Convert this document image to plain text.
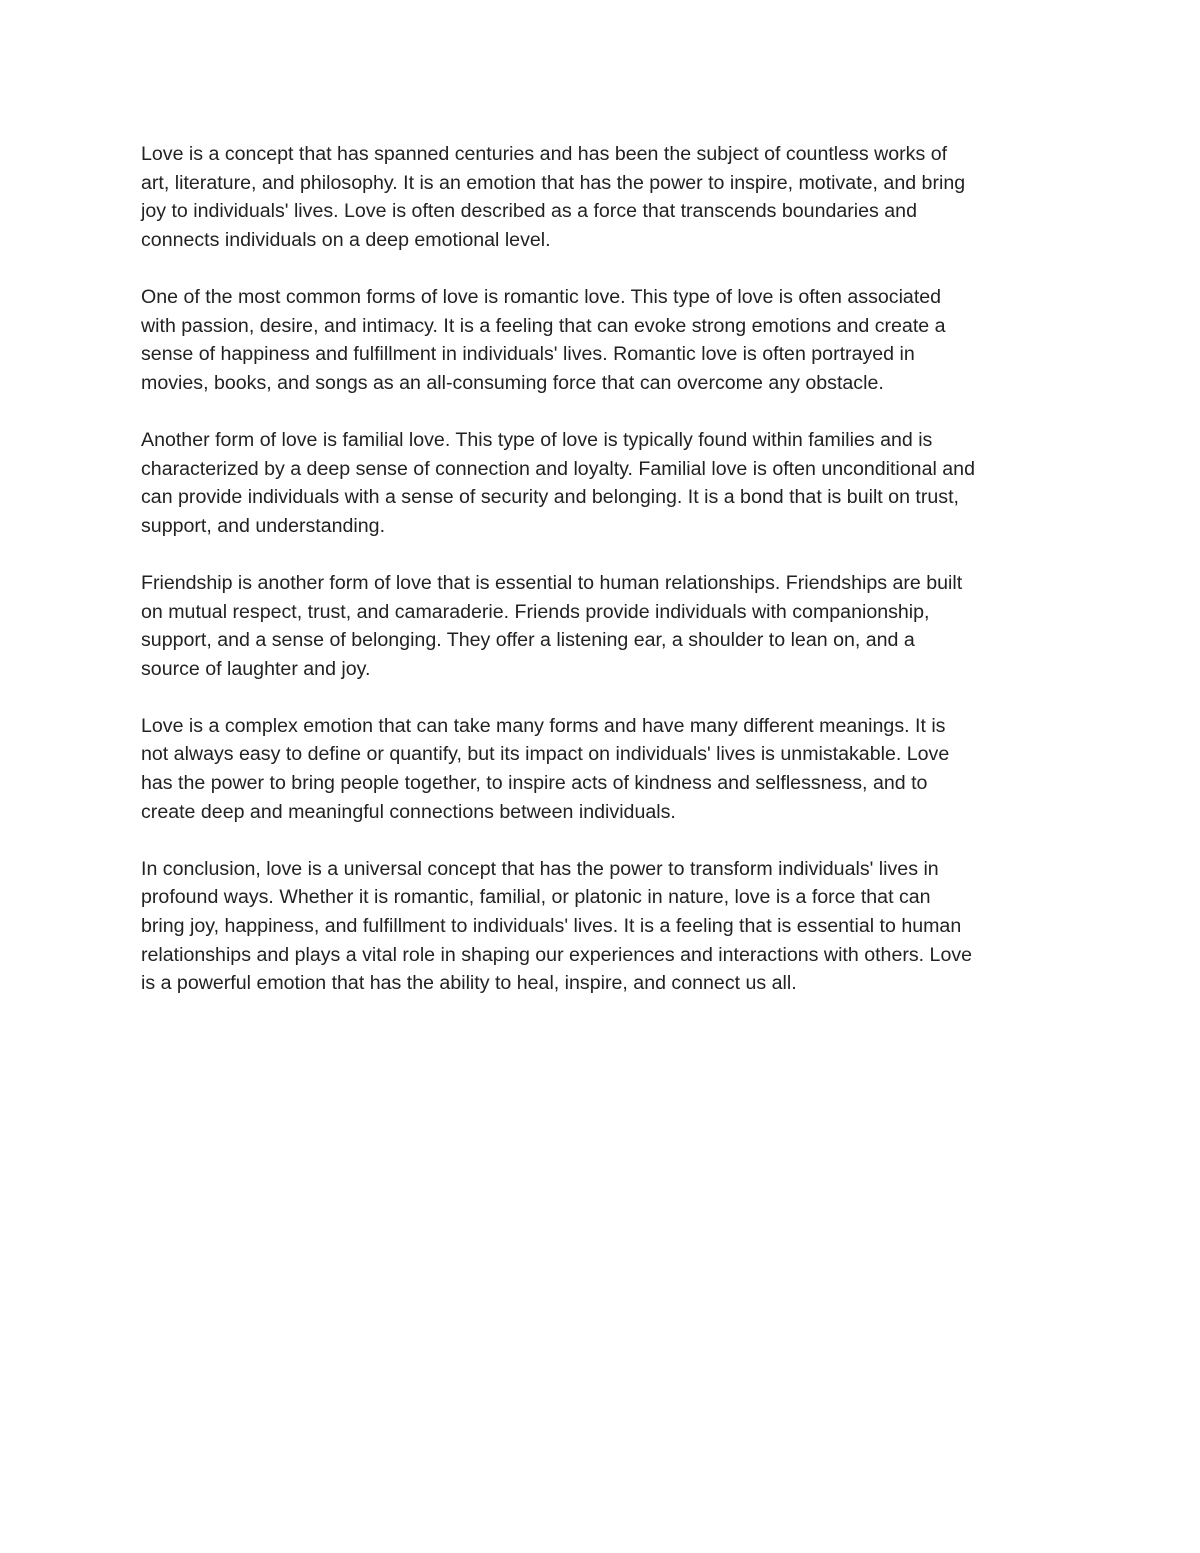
Love is a concept that has spanned centuries and has been the subject of countless works of
art, literature, and philosophy. It is an emotion that has the power to inspire, motivate, and bring
joy to individuals' lives. Love is often described as a force that transcends boundaries and
connects individuals on a deep emotional level.

One of the most common forms of love is romantic love. This type of love is often associated
with passion, desire, and intimacy. It is a feeling that can evoke strong emotions and create a
sense of happiness and fulfillment in individuals' lives. Romantic love is often portrayed in
movies, books, and songs as an all-consuming force that can overcome any obstacle.

Another form of love is familial love. This type of love is typically found within families and is
characterized by a deep sense of connection and loyalty. Familial love is often unconditional and
can provide individuals with a sense of security and belonging. It is a bond that is built on trust,
support, and understanding.

Friendship is another form of love that is essential to human relationships. Friendships are built
on mutual respect, trust, and camaraderie. Friends provide individuals with companionship,
support, and a sense of belonging. They offer a listening ear, a shoulder to lean on, and a
source of laughter and joy.

Love is a complex emotion that can take many forms and have many different meanings. It is
not always easy to define or quantify, but its impact on individuals' lives is unmistakable. Love
has the power to bring people together, to inspire acts of kindness and selflessness, and to
create deep and meaningful connections between individuals.

In conclusion, love is a universal concept that has the power to transform individuals' lives in
profound ways. Whether it is romantic, familial, or platonic in nature, love is a force that can
bring joy, happiness, and fulfillment to individuals' lives. It is a feeling that is essential to human
relationships and plays a vital role in shaping our experiences and interactions with others. Love
is a powerful emotion that has the ability to heal, inspire, and connect us all.
